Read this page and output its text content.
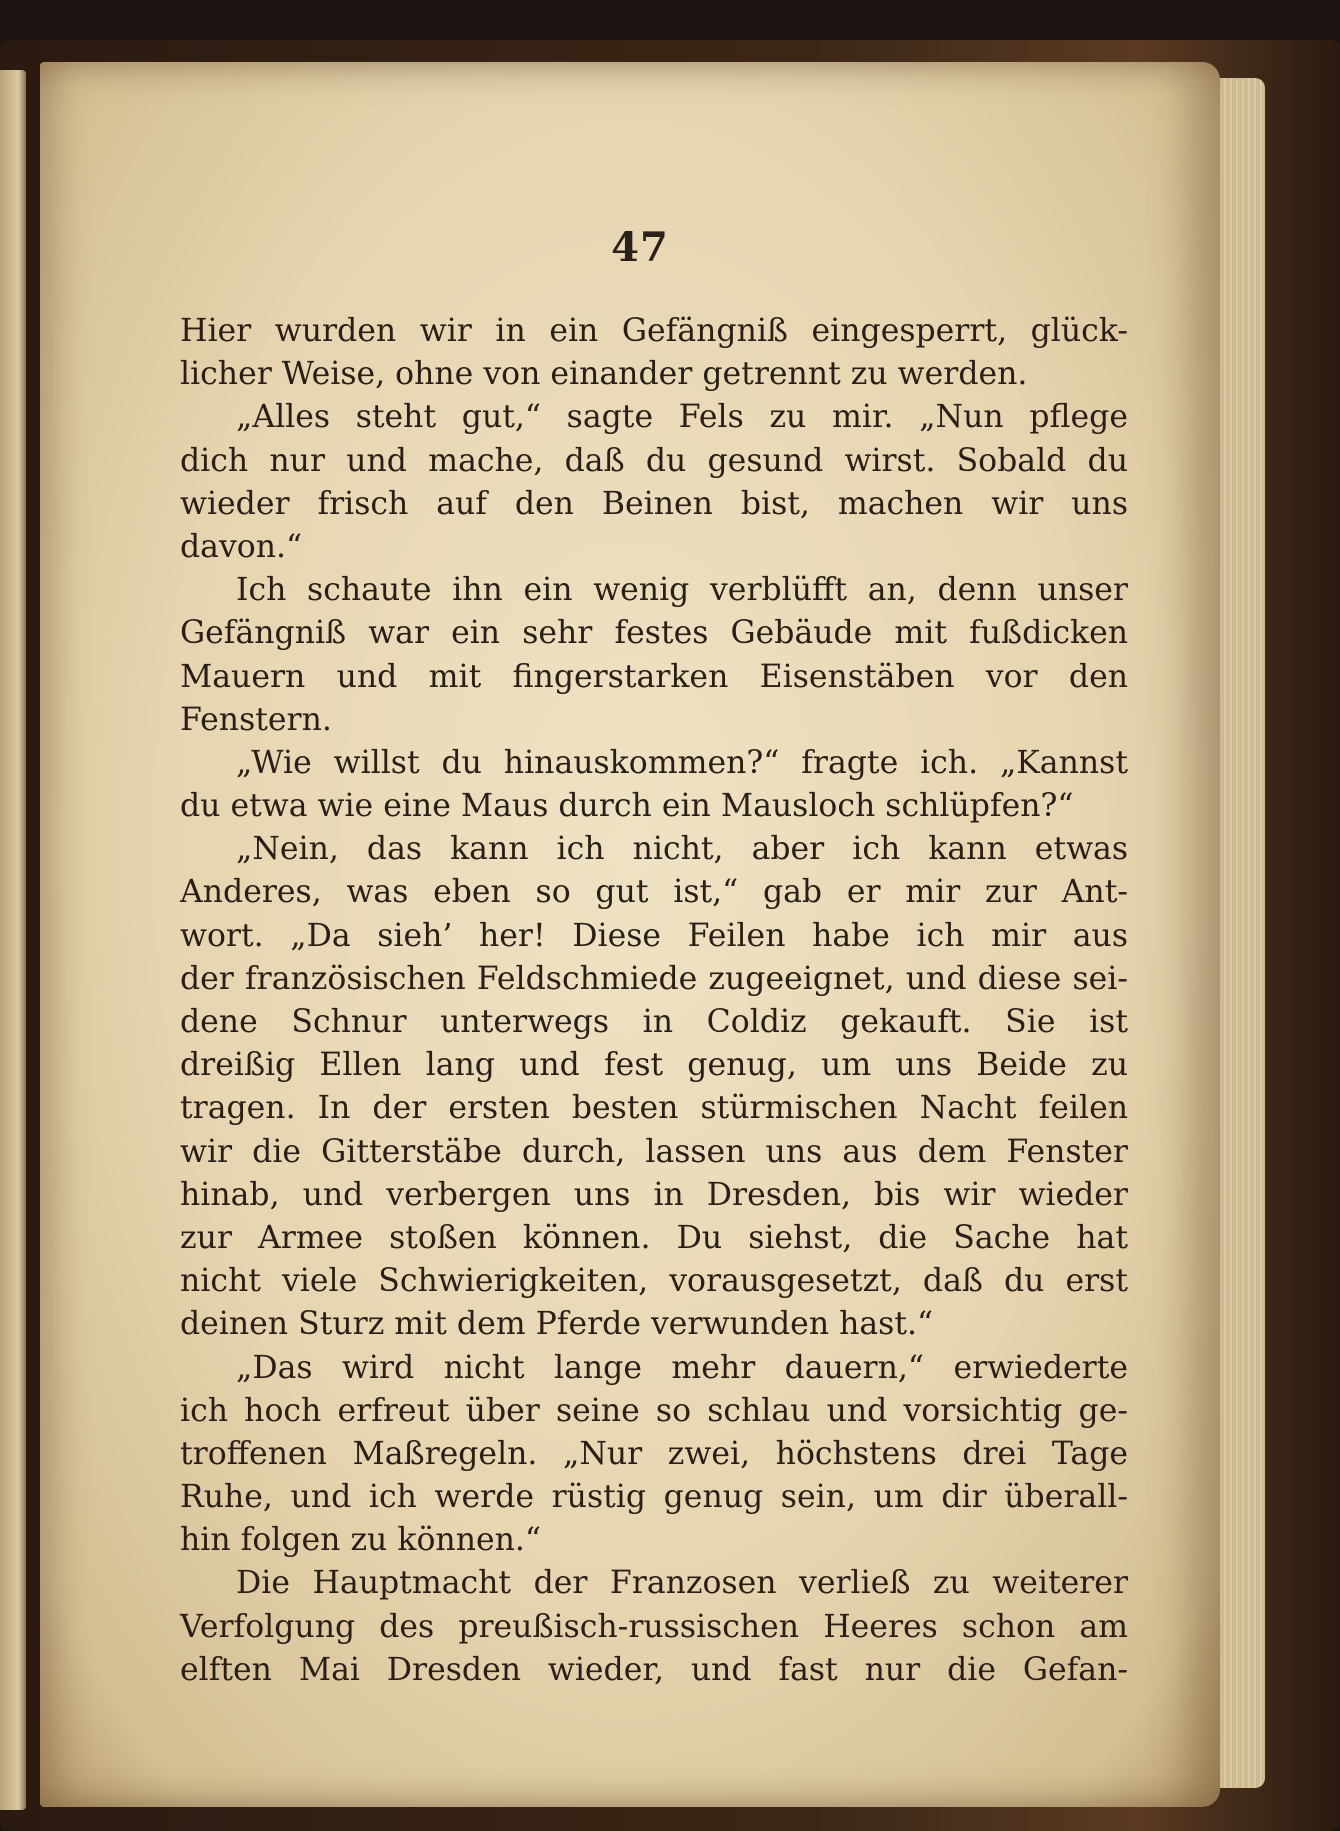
47
Hier wurden wir in ein Gefängniß eingesperrt, glück-
licher Weise, ohne von einander getrennt zu werden.
„Alles steht gut,“ sagte Fels zu mir. „Nun pflege
dich nur und mache, daß du gesund wirst. Sobald du
wieder frisch auf den Beinen bist, machen wir uns
davon.“
Ich schaute ihn ein wenig verblüfft an, denn unser
Gefängniß war ein sehr festes Gebäude mit fußdicken
Mauern und mit fingerstarken Eisenstäben vor den
Fenstern.
„Wie willst du hinauskommen?“ fragte ich. „Kannst
du etwa wie eine Maus durch ein Mausloch schlüpfen?“
„Nein, das kann ich nicht, aber ich kann etwas
Anderes, was eben so gut ist,“ gab er mir zur Ant-
wort. „Da sieh’ her! Diese Feilen habe ich mir aus
der französischen Feldschmiede zugeeignet, und diese sei-
dene Schnur unterwegs in Coldiz gekauft. Sie ist
dreißig Ellen lang und fest genug, um uns Beide zu
tragen. In der ersten besten stürmischen Nacht feilen
wir die Gitterstäbe durch, lassen uns aus dem Fenster
hinab, und verbergen uns in Dresden, bis wir wieder
zur Armee stoßen können. Du siehst, die Sache hat
nicht viele Schwierigkeiten, vorausgesetzt, daß du erst
deinen Sturz mit dem Pferde verwunden hast.“
„Das wird nicht lange mehr dauern,“ erwiederte
ich hoch erfreut über seine so schlau und vorsichtig ge-
troffenen Maßregeln. „Nur zwei, höchstens drei Tage
Ruhe, und ich werde rüstig genug sein, um dir überall-
hin folgen zu können.“
Die Hauptmacht der Franzosen verließ zu weiterer
Verfolgung des preußisch-russischen Heeres schon am
elften Mai Dresden wieder, und fast nur die Gefan-
